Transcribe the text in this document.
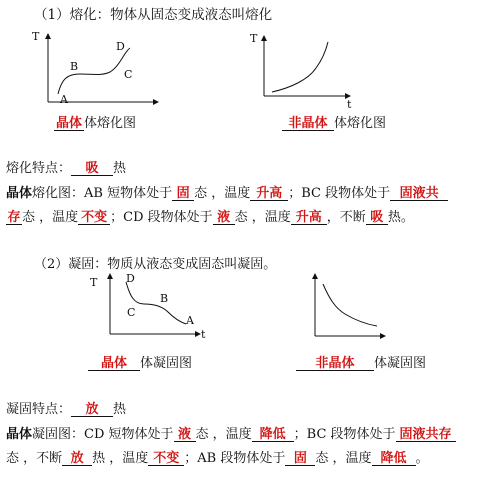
（1）熔化：物体从固态变成液态叫熔化
T
A
B
C
D
T
t
晶体 体熔化图	非晶体 体熔化图
熔化特点： 吸 热
晶体熔化图：AB 短物体处于 固 态 ，温度 升高 ；BC 段物体处于 固液共
存 态 ，温度 不变 ；CD 段物体处于 液 态 ，温度 升高 ，不断 吸 热。
（2）凝固：物质从液态变成固态叫凝固。
T	D
C
B
A
t
晶体 体凝固图	非晶体 体凝固图
凝固特点： 放 热
晶体凝固图：CD 短物体处于 液 态 ，温度 降低 ；BC 段物体处于 固液共存
态 ，不断 放 热 ，温度 不变 ；AB 段物体处于 固 态 ，温度 降低 。
